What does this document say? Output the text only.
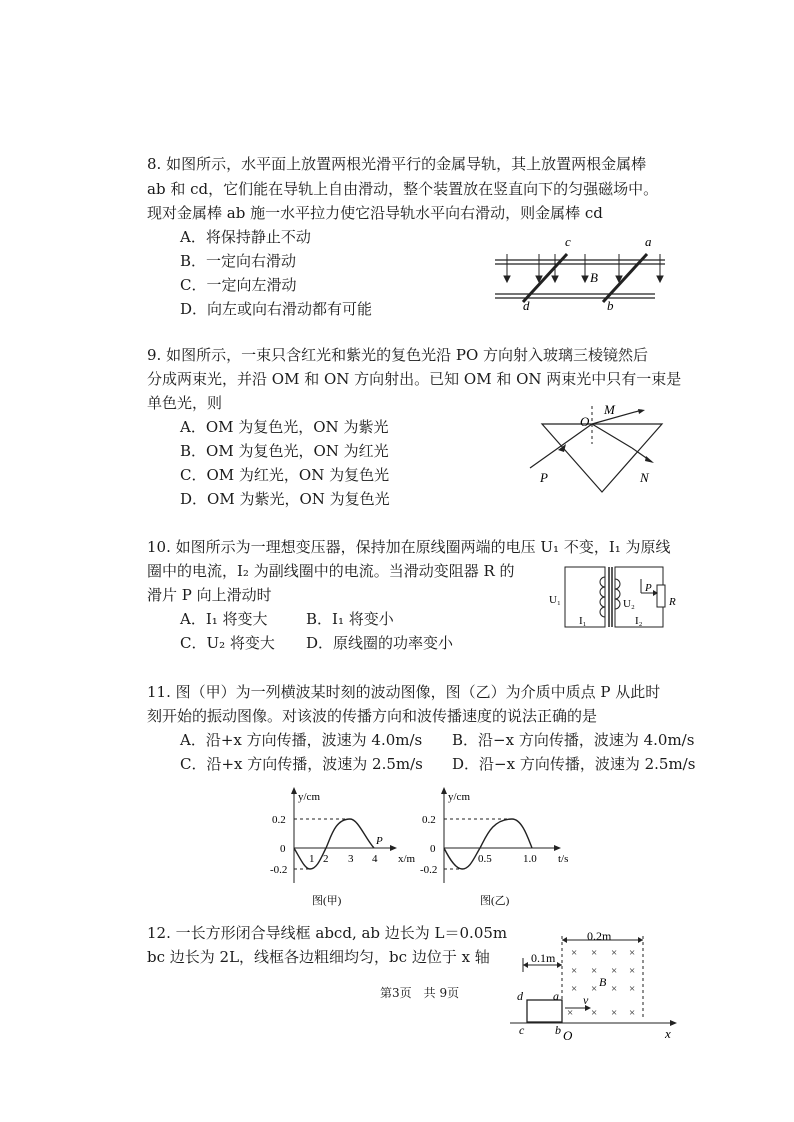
8. 如图所示，水平面上放置两根光滑平行的金属导轨，其上放置两根金属棒
ab 和 cd，它们能在导轨上自由滑动，整个装置放在竖直向下的匀强磁场中。
现对金属棒 ab 施一水平拉力使它沿导轨水平向右滑动，则金属棒 cd
A．将保持静止不动
B．一定向右滑动
C．一定向左滑动
D．向左或向右滑动都有可能
c	a
B
d	b
9. 如图所示，一束只含红光和紫光的复色光沿 PO 方向射入玻璃三棱镜然后
分成两束光，并沿 OM 和 ON 方向射出。已知 OM 和 ON 两束光中只有一束是
单色光，则
A．OM 为复色光，ON 为紫光
B．OM 为复色光，ON 为红光
C．OM 为红光，ON 为复色光
D．OM 为紫光，ON 为复色光
O
M
P	N
10. 如图所示为一理想变压器，保持加在原线圈两端的电压 U₁ 不变，I₁ 为原线
圈中的电流，I₂ 为副线圈中的电流。当滑动变阻器 R 的
滑片 P 向上滑动时
A．I₁ 将变大	B．I₁ 将变小
C．U₂ 将变大 D．原线圈的功率变小
U₁	U₂
I₁	I₂
P
R
11. 图（甲）为一列横波某时刻的波动图像，图（乙）为介质中质点 P 从此时
刻开始的振动图像。对该波的传播方向和波传播速度的说法正确的是
A．沿+x 方向传播，波速为 4.0m/s B．沿−x 方向传播，波速为 4.0m/s
C．沿+x 方向传播，波速为 2.5m/s D．沿−x 方向传播，波速为 2.5m/s
y/cm
x/m
0.2
-0.2
0
1 2 3 4
P
图(甲)
y/cm
t/s
0.2
-0.2
0
0.5	1.0
图(乙)
12. 一长方形闭合导线框 abcd, ab 边长为 L＝0.05m
bc 边长为 2L，线框各边粗细均匀，bc 边位于 x 轴	× × × ×
× × × ×
× × × ×
× × × ×
0.2m
0.1m
B
d	a
c	b
v
O	x
第3页　共 9页
